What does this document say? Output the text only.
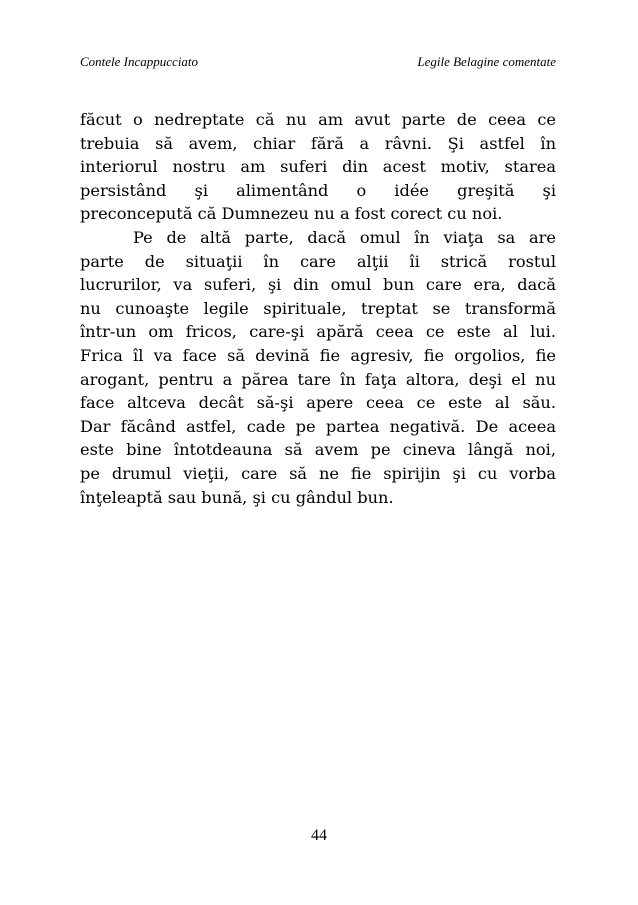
Contele Incappucciato	Legile Belagine comentate
făcut o nedreptate că nu am avut parte de ceea ce
trebuia să avem, chiar fără a râvni. Şi astfel în
interiorul nostru am suferi din acest motiv, starea
persistând şi alimentând o idée greşită şi
preconcepută că Dumnezeu nu a fost corect cu noi.
Pe de altă parte, dacă omul în viaţa sa are
parte de situaţii în care alţii îi strică rostul
lucrurilor, va suferi, şi din omul bun care era, dacă
nu cunoaşte legile spirituale, treptat se transformă
într-un om fricos, care-şi apără ceea ce este al lui.
Frica îl va face să devină fie agresiv, fie orgolios, fie
arogant, pentru a părea tare în faţa altora, deşi el nu
face altceva decât să-şi apere ceea ce este al său.
Dar făcând astfel, cade pe partea negativă. De aceea
este bine întotdeauna să avem pe cineva lângă noi,
pe drumul vieţii, care să ne fie spirijin şi cu vorba
înţeleaptă sau bună, şi cu gândul bun.
44
